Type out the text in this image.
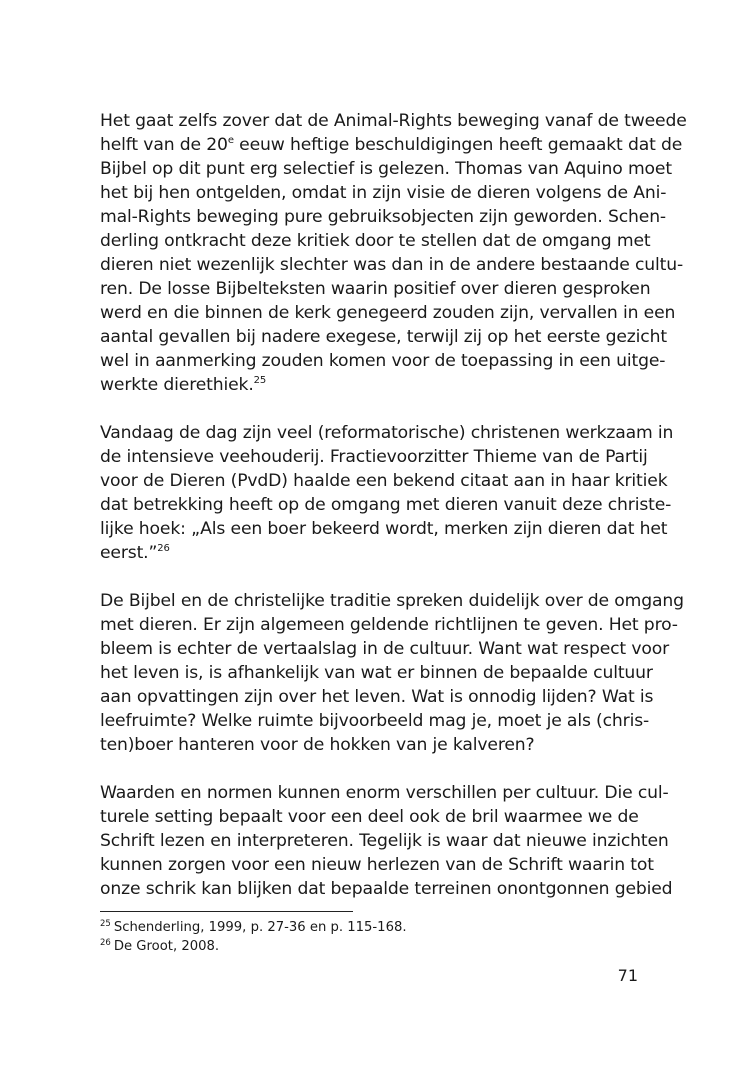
Het gaat zelfs zover dat de Animal-Rights beweging vanaf de tweede
helft van de 20e eeuw heftige beschuldigingen heeft gemaakt dat de
Bijbel op dit punt erg selectief is gelezen. Thomas van Aquino moet
het bij hen ontgelden, omdat in zijn visie de dieren volgens de Ani-
mal-Rights beweging pure gebruiksobjecten zijn geworden. Schen-
derling ontkracht deze kritiek door te stellen dat de omgang met
dieren niet wezenlijk slechter was dan in de andere bestaande cultu-
ren. De losse Bijbelteksten waarin positief over dieren gesproken
werd en die binnen de kerk genegeerd zouden zijn, vervallen in een
aantal gevallen bij nadere exegese, terwijl zij op het eerste gezicht
wel in aanmerking zouden komen voor de toepassing in een uitge-
werkte dierethiek.$^{25}$
Vandaag de dag zijn veel (reformatorische) christenen werkzaam in
de intensieve veehouderij. Fractievoorzitter Thieme van de Partij
voor de Dieren (PvdD) haalde een bekend citaat aan in haar kritiek
dat betrekking heeft op de omgang met dieren vanuit deze christe-
lijke hoek: „Als een boer bekeerd wordt, merken zijn dieren dat het
eerst.”$^{26}$
De Bijbel en de christelijke traditie spreken duidelijk over de omgang
met dieren. Er zijn algemeen geldende richtlijnen te geven. Het pro-
bleem is echter de vertaalslag in de cultuur. Want wat respect voor
het leven is, is afhankelijk van wat er binnen de bepaalde cultuur
aan opvattingen zijn over het leven. Wat is onnodig lijden? Wat is
leefruimte? Welke ruimte bijvoorbeeld mag je, moet je als (chris-
ten)boer hanteren voor de hokken van je kalveren?
Waarden en normen kunnen enorm verschillen per cultuur. Die cul-
turele setting bepaalt voor een deel ook de bril waarmee we de
Schrift lezen en interpreteren. Tegelijk is waar dat nieuwe inzichten
kunnen zorgen voor een nieuw herlezen van de Schrift waarin tot
onze schrik kan blijken dat bepaalde terreinen onontgonnen gebied
$^{25}$ Schenderling, 1999, p. 27-36 en p. 115-168.
$^{26}$ De Groot, 2008.
71
